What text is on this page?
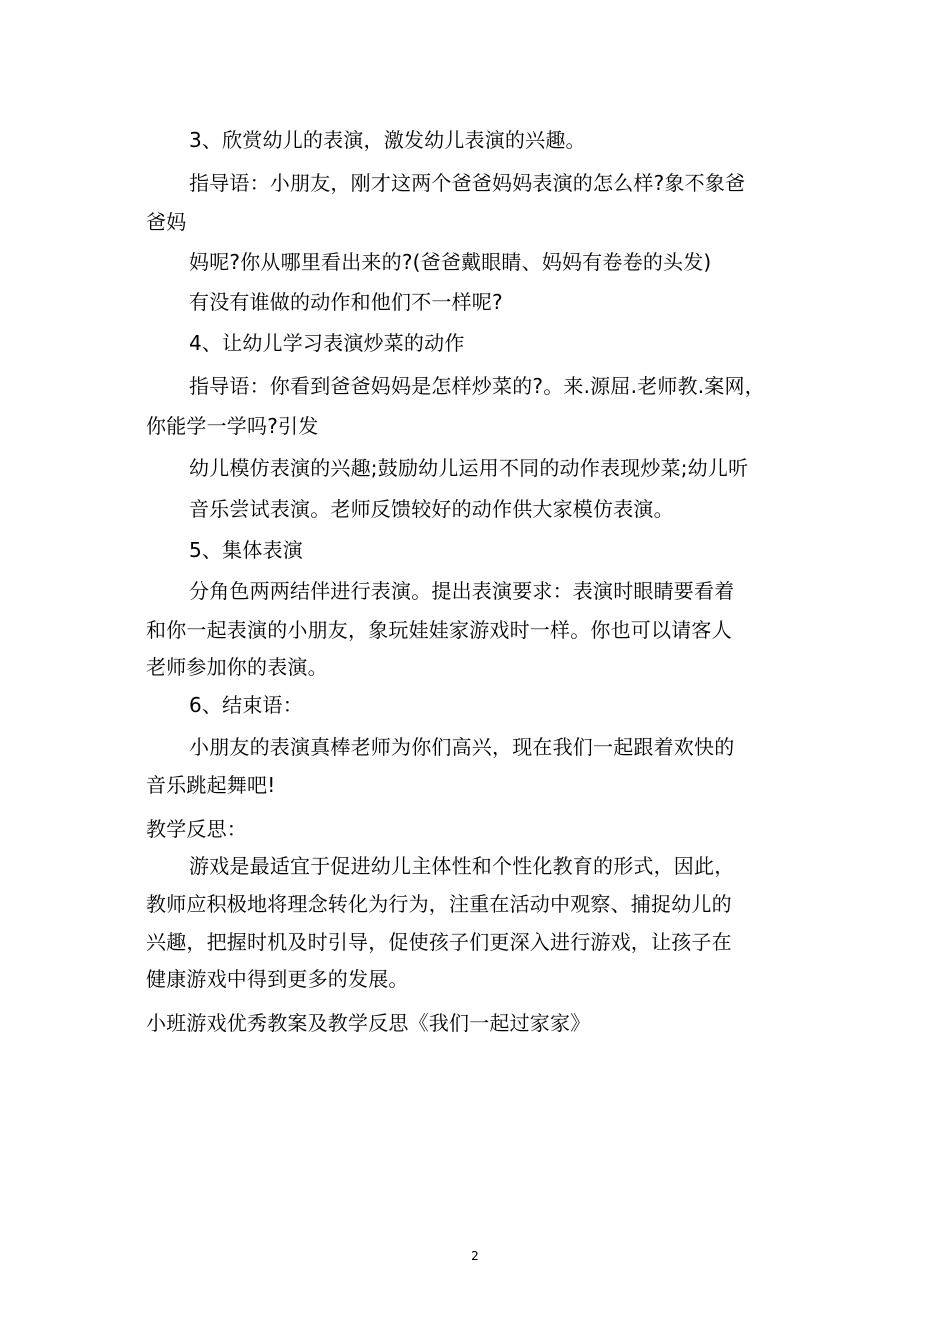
3、欣赏幼儿的表演，激发幼儿表演的兴趣。
指导语：小朋友，刚才这两个爸爸妈妈表演的怎么样?象不象爸
爸妈
妈呢?你从哪里看出来的?(爸爸戴眼睛、妈妈有卷卷的头发)
有没有谁做的动作和他们不一样呢?
4、让幼儿学习表演炒菜的动作
指导语：你看到爸爸妈妈是怎样炒菜的?。来.源屈.老师教.案网，
你能学一学吗?引发
幼儿模仿表演的兴趣;鼓励幼儿运用不同的动作表现炒菜;幼儿听
音乐尝试表演。老师反馈较好的动作供大家模仿表演。
5、集体表演
分角色两两结伴进行表演。提出表演要求：表演时眼睛要看着
和你一起表演的小朋友，象玩娃娃家游戏时一样。你也可以请客人
老师参加你的表演。
6、结束语：
小朋友的表演真棒老师为你们高兴，现在我们一起跟着欢快的
音乐跳起舞吧!
教学反思：
游戏是最适宜于促进幼儿主体性和个性化教育的形式，因此，
教师应积极地将理念转化为行为，注重在活动中观察、捕捉幼儿的
兴趣，把握时机及时引导，促使孩子们更深入进行游戏，让孩子在
健康游戏中得到更多的发展。
小班游戏优秀教案及教学反思《我们一起过家家》
2
